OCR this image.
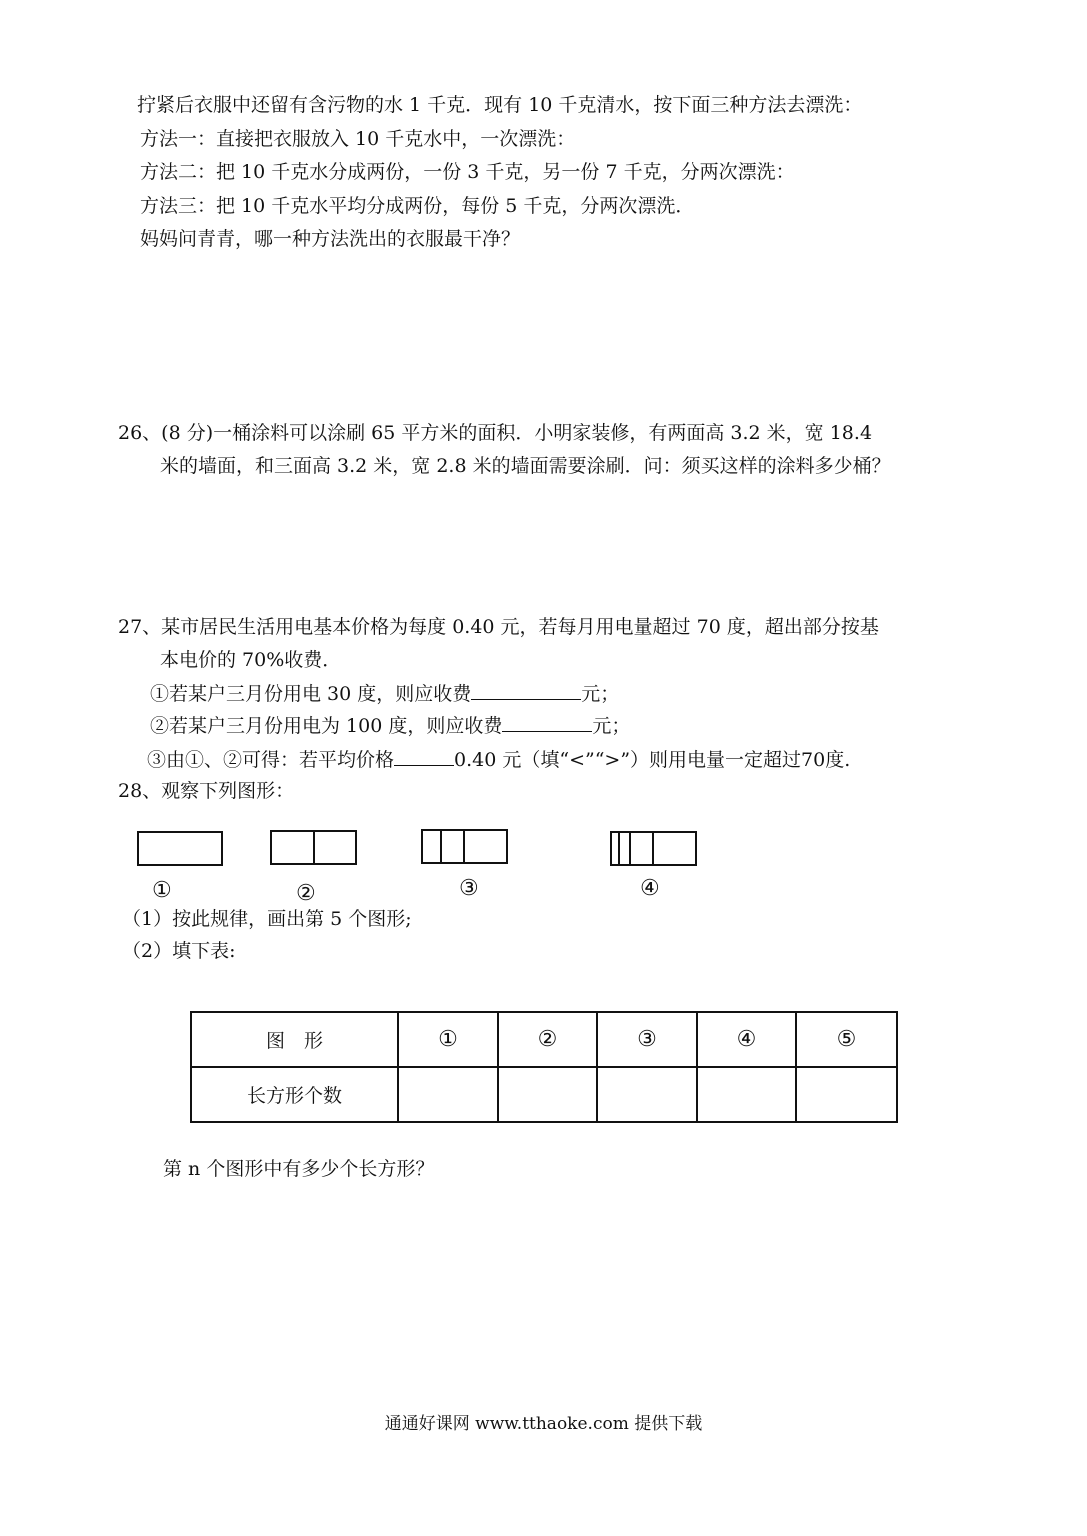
拧紧后衣服中还留有含污物的水 1 千克．现有 10 千克清水，按下面三种方法去漂洗：
方法一：直接把衣服放入 10 千克水中，一次漂洗：
方法二：把 10 千克水分成两份，一份 3 千克，另一份 7 千克，分两次漂洗：
方法三：把 10 千克水平均分成两份，每份 5 千克，分两次漂洗．
妈妈问青青，哪一种方法洗出的衣服最干净？
26、(8 分)一桶涂料可以涂刷 65 平方米的面积．小明家装修，有两面高 3.2 米，宽 18.4
米的墙面，和三面高 3.2 米，宽 2.8 米的墙面需要涂刷．问：须买这样的涂料多少桶？
27、某市居民生活用电基本价格为每度 0.40 元，若每月用电量超过 70 度，超出部分按基
本电价的 70%收费．
①若某户三月份用电 30 度，则应收费	元；
②若某户三月份用电为 100 度，则应收费	元；
③由①、②可得：若平均价格	0.40 元（填“<”“>”）则用电量一定超过70度.
28、观察下列图形：
①	②	③	④
（1）按此规律，画出第 5 个图形;
（2）填下表:
图　形	①	②	③	④	⑤
长方形个数					
第 n 个图形中有多少个长方形？
通通好课网 www.tthaoke.com 提供下载
